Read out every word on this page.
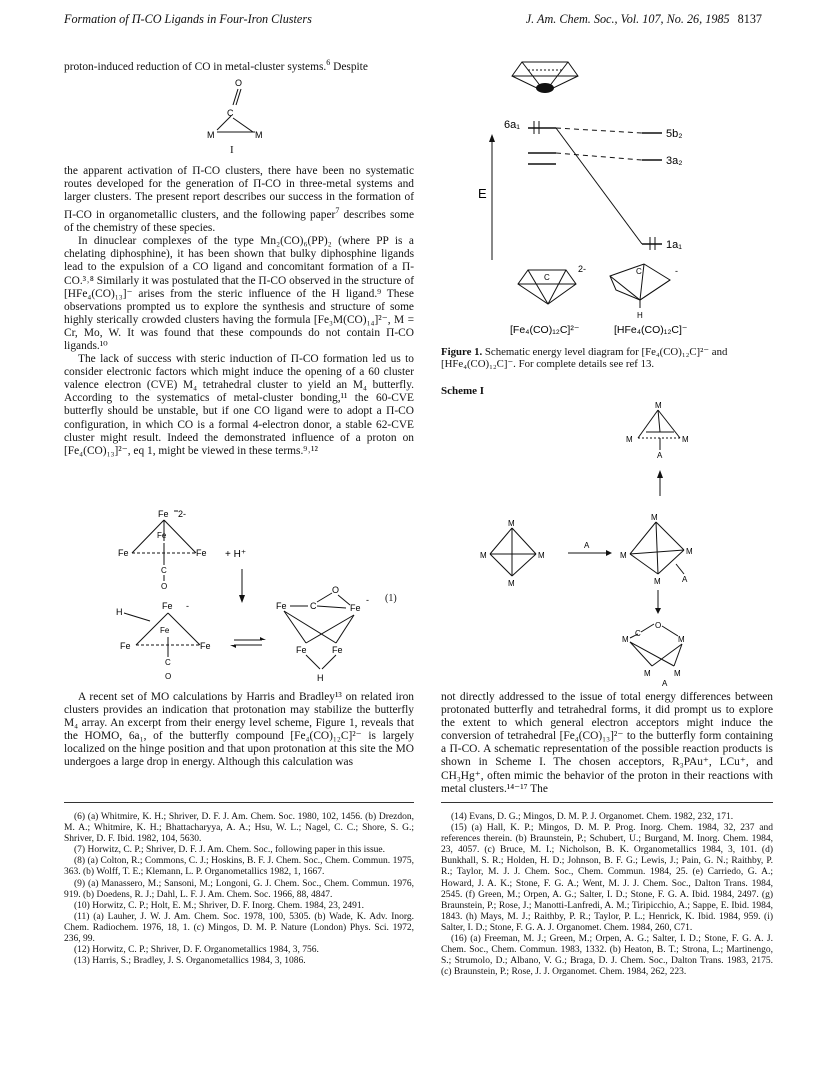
Formation of Π-CO Ligands in Four-Iron Clusters	J. Am. Chem. Soc., Vol. 107, No. 26, 1985 8137

proton-induced reduction of CO in metal-cluster systems.$^6$ Despite

O
C
M	M
I

the apparent activation of Π-CO clusters, there have been no systematic routes developed for the generation of Π-CO in three-metal systems and larger clusters. The present report describes our success in the formation of Π-CO in organometallic clusters, and the following paper$^7$ describes some of the chemistry of these species.

In dinuclear complexes of the type Mn₂(CO)₆(PP)₂ (where PP is a chelating diphosphine), it has been shown that bulky diphosphine ligands lead to the expulsion of a CO ligand and concomitant formation of a Π-CO.³˒⁸ Similarly it was postulated that the Π-CO observed in the structure of [HFe₄(CO)₁₃]⁻ arises from the steric influence of the H ligand.⁹ These observations prompted us to explore the synthesis and structure of some highly sterically crowded clusters having the formula [Fe₃M(CO)₁₄]²⁻, M = Cr, Mo, W. It was found that these compounds do not contain Π-CO ligands.¹⁰

The lack of success with steric induction of Π-CO formation led us to consider electronic factors which might induce the opening of a 60 cluster valence electron (CVE) M₄ tetrahedral cluster to yield an M₄ butterfly. According to the systematics of metal-cluster bonding,¹¹ the 60-CVE butterfly should be unstable, but if one CO ligand were to adopt a Π-CO configuration, in which CO is a formal 4-electron donor, a stable 62-CVE cluster might result. Indeed the demonstrated influence of a proton on [Fe₄(CO)₁₃]²⁻, eq 1, might be viewed in these terms.⁹˒¹²

Fe 2-
Fe
Fe	Fe
C
O
+ H⁺
H
Fe -
Fe
Fe	Fe
C
O
Fe	C
O
Fe
-
Fe	Fe
H
(1)

A recent set of MO calculations by Harris and Bradley¹³ on related iron clusters provides an indication that protonation may stabilize the butterfly M₄ array. An excerpt from their energy level scheme, Figure 1, reveals that the HOMO, 6a₁, of the butterfly compound [Fe₄(CO)₁₂C]²⁻ is largely localized on the hinge position and that upon protonation at this site the MO undergoes a large drop in energy. Although this calculation was

E
6a₁
5b₂
3a₂
1a₁
C
2-	C	-
H
[Fe₄(CO)₁₂C]²⁻	[HFe₄(CO)₁₂C]⁻
Figure 1. Schematic energy level diagram for [Fe₄(CO)₁₂C]²⁻ and [HFe₄(CO)₁₂C]⁻. For complete details see ref 13.
Scheme I
M
M	M
A
M
M	M
M
A
M
M	M
M	A
C
O
M	M
M	M
A

not directly addressed to the issue of total energy differences between protonated butterfly and tetrahedral forms, it did prompt us to explore the extent to which general electron acceptors might induce the conversion of tetrahedral [Fe₄(CO)₁₃]²⁻ to the butterfly form containing a Π-CO. A schematic representation of the possible reaction products is shown in Scheme I. The chosen acceptors, R₃PAu⁺, LCu⁺, and CH₃Hg⁺, often mimic the behavior of the proton in their reactions with metal clusters.¹⁴⁻¹⁷ The

(6) (a) Whitmire, K. H.; Shriver, D. F. J. Am. Chem. Soc. 1980, 102, 1456. (b) Drezdon, M. A.; Whitmire, K. H.; Bhattacharyya, A. A.; Hsu, W. L.; Nagel, C. C.; Shore, S. G.; Shriver, D. F. Ibid. 1982, 104, 5630.

(7) Horwitz, C. P.; Shriver, D. F. J. Am. Chem. Soc., following paper in this issue.

(8) (a) Colton, R.; Commons, C. J.; Hoskins, B. F. J. Chem. Soc., Chem. Commun. 1975, 363. (b) Wolff, T. E.; Klemann, L. P. Organometallics 1982, 1, 1667.

(9) (a) Manassero, M.; Sansoni, M.; Longoni, G. J. Chem. Soc., Chem. Commun. 1976, 919. (b) Doedens, R. J.; Dahl, L. F. J. Am. Chem. Soc. 1966, 88, 4847.

(10) Horwitz, C. P.; Holt, E. M.; Shriver, D. F. Inorg. Chem. 1984, 23, 2491.

(11) (a) Lauher, J. W. J. Am. Chem. Soc. 1978, 100, 5305. (b) Wade, K. Adv. Inorg. Chem. Radiochem. 1976, 18, 1. (c) Mingos, D. M. P. Nature (London) Phys. Sci. 1972, 236, 99.

(12) Horwitz, C. P.; Shriver, D. F. Organometallics 1984, 3, 756.

(13) Harris, S.; Bradley, J. S. Organometallics 1984, 3, 1086.

(14) Evans, D. G.; Mingos, D. M. P. J. Organomet. Chem. 1982, 232, 171.

(15) (a) Hall, K. P.; Mingos, D. M. P. Prog. Inorg. Chem. 1984, 32, 237 and references therein. (b) Braunstein, P.; Schubert, U.; Burgand, M. Inorg. Chem. 1984, 23, 4057. (c) Bruce, M. I.; Nicholson, B. K. Organometallics 1984, 3, 101. (d) Bunkhall, S. R.; Holden, H. D.; Johnson, B. F. G.; Lewis, J.; Pain, G. N.; Raithby, P. R.; Taylor, M. J. J. Chem. Soc., Chem. Commun. 1984, 25. (e) Carriedo, G. A.; Howard, J. A. K.; Stone, F. G. A.; Went, M. J. J. Chem. Soc., Dalton Trans. 1984, 2545. (f) Green, M.; Orpen, A. G.; Salter, I. D.; Stone, F. G. A. Ibid. 1984, 2497. (g) Braunstein, P.; Rose, J.; Manotti-Lanfredi, A. M.; Tiripicchio, A.; Sappe, E. Ibid. 1984, 1843. (h) Mays, M. J.; Raithby, P. R.; Taylor, P. L.; Henrick, K. Ibid. 1984, 959. (i) Salter, I. D.; Stone, F. G. A. J. Organomet. Chem. 1984, 260, C71.

(16) (a) Freeman, M. J.; Green, M.; Orpen, A. G.; Salter, I. D.; Stone, F. G. A. J. Chem. Soc., Chem. Commun. 1983, 1332. (b) Heaton, B. T.; Strona, L.; Martinengo, S.; Strumolo, D.; Albano, V. G.; Braga, D. J. Chem. Soc., Dalton Trans. 1983, 2175. (c) Braunstein, P.; Rose, J. J. Organomet. Chem. 1984, 262, 223.
